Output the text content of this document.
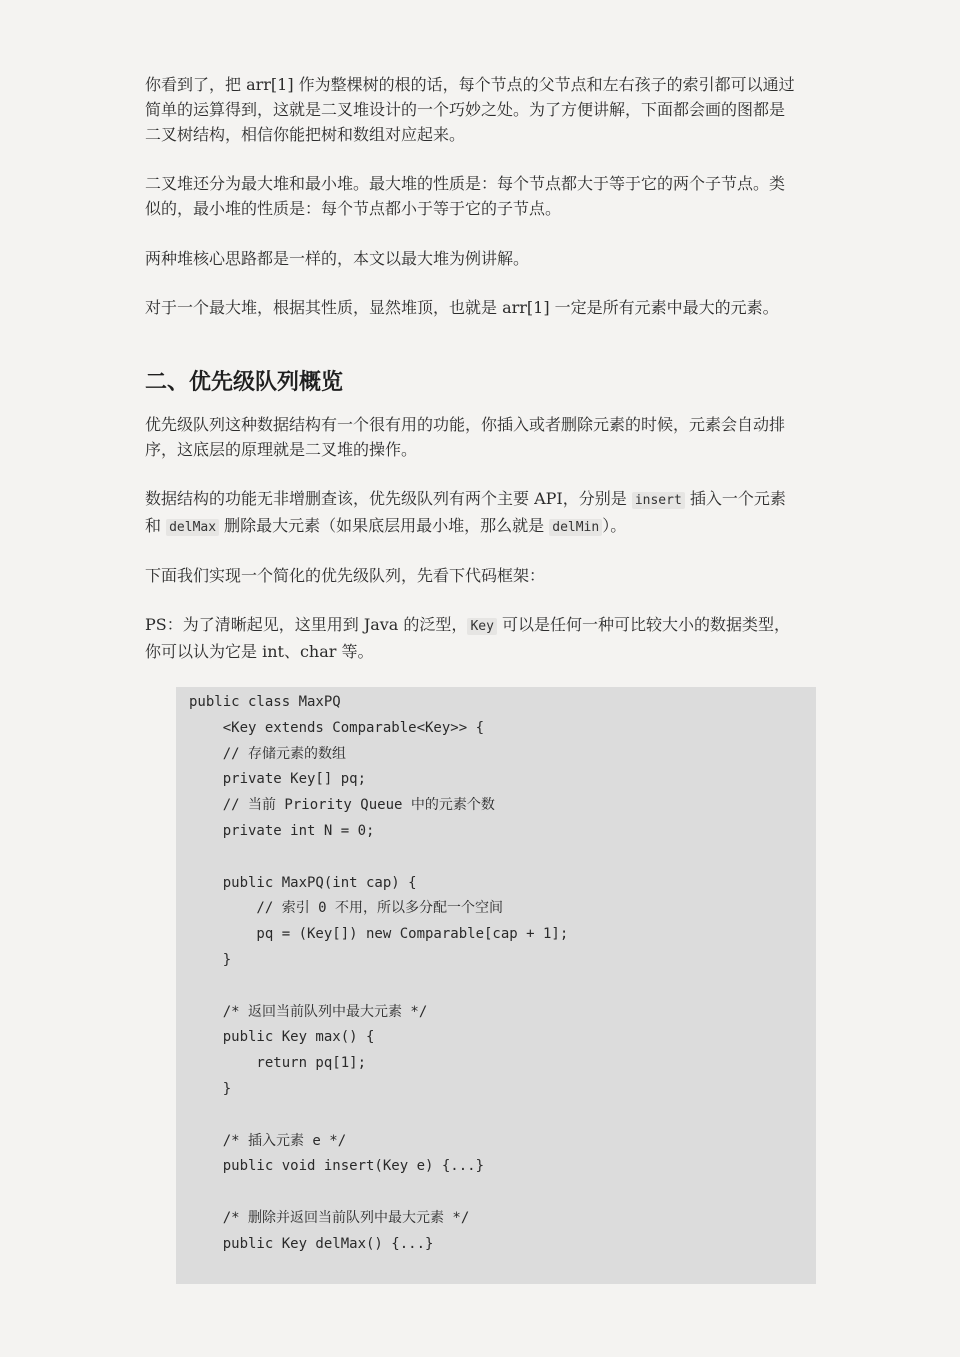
你看到了，把 arr[1] 作为整棵树的根的话，每个节点的父节点和左右孩子的索引都可以通过
简单的运算得到，这就是二叉堆设计的一个巧妙之处。为了方便讲解，下面都会画的图都是
二叉树结构，相信你能把树和数组对应起来。

二叉堆还分为最大堆和最小堆。最大堆的性质是：每个节点都大于等于它的两个子节点。类
似的，最小堆的性质是：每个节点都小于等于它的子节点。

两种堆核心思路都是一样的，本文以最大堆为例讲解。

对于一个最大堆，根据其性质，显然堆顶，也就是 arr[1] 一定是所有元素中最大的元素。

二、优先级队列概览

优先级队列这种数据结构有一个很有用的功能，你插入或者删除元素的时候，元素会自动排
序，这底层的原理就是二叉堆的操作。

数据结构的功能无非增删查该，优先级队列有两个主要 API，分别是 insert 插入一个元素
和 delMax 删除最大元素（如果底层用最小堆，那么就是 delMin ）。

下面我们实现一个简化的优先级队列，先看下代码框架：

PS：为了清晰起见，这里用到 Java 的泛型， Key 可以是任何一种可比较大小的数据类型，
你可以认为它是 int、char 等。

public class MaxPQ
<Key extends Comparable<Key>> {
// 存储元素的数组
private Key[] pq;
// 当前 Priority Queue 中的元素个数
private int N = 0;
public MaxPQ(int cap) {
// 索引 0 不用，所以多分配一个空间
pq = (Key[]) new Comparable[cap + 1];
}
/* 返回当前队列中最大元素 */
public Key max() {
return pq[1];
}
/* 插入元素 e */
public void insert(Key e) {...}
/* 删除并返回当前队列中最大元素 */
public Key delMax() {...}
